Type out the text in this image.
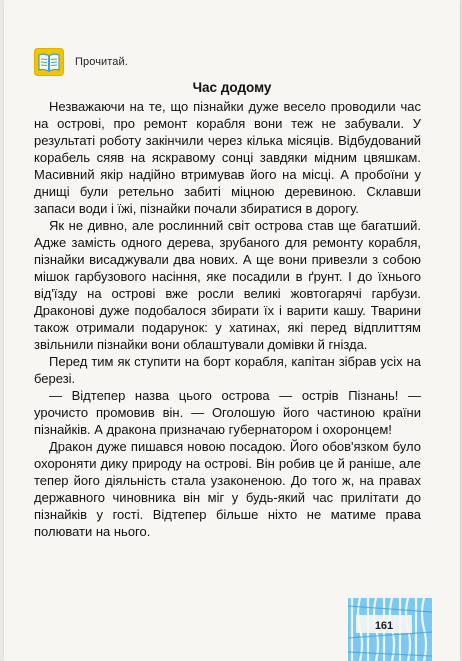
Прочитай.
Час додому

Незважаючи на те, що пізнайки дуже весело проводили час на острові, про ремонт корабля вони теж не забували. У результаті роботу закінчили через кілька місяців. Відбудований корабель сяяв на яскравому сонці завдяки мідним цвяшкам. Масивний якір надійно втримував його на місці. А пробоїни у днищі були ретельно забиті міцною деревиною. Склавши запаси води і їжі, пізнайки почали збиратися в дорогу.

Як не дивно, але рослинний світ острова став ще багатший. Адже замість одного дерева, зрубаного для ремонту корабля, пізнайки висаджували два нових. А ще вони привезли з собою мішок гарбузового насіння, яке посадили в ґрунт. І до їхнього від'їзду на острові вже росли великі жовтогарячі гарбузи. Драконові дуже подобалося збирати їх і варити кашу. Тварини також отримали подарунок: у хатинах, які перед відплиттям звільнили пізнайки вони облаштували домівки й гнізда.

Перед тим як ступити на борт корабля, капітан зібрав усіх на березі.

— Відтепер назва цього острова — острів Пізнань! — урочисто промовив він. — Оголошую його частиною країни пізнайків. А дракона призначаю губернатором і охоронцем!

Дракон дуже пишався новою посадою. Його обов'язком було охороняти дику природу на острові. Він робив це й раніше, але тепер його діяльність стала узаконеною. До того ж, на правах державного чиновника він міг у будь-який час прилітати до пізнайків у гості. Відтепер більше ніхто не матиме права полювати на нього.

161
